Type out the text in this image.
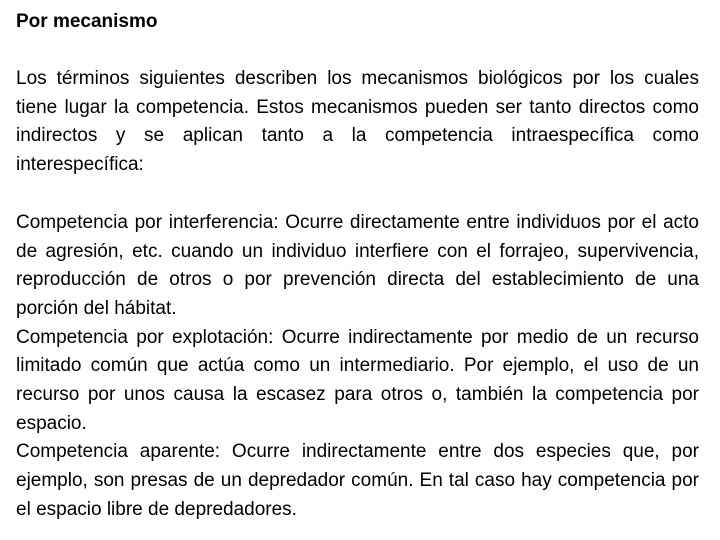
Por mecanismo

Los términos siguientes describen los mecanismos biológicos por los cuales tiene lugar la competencia. Estos mecanismos pueden ser tanto directos como indirectos y se aplican tanto a la competencia intraespecífica como interespecífica:

Competencia por interferencia: Ocurre directamente entre individuos por el acto de agresión, etc. cuando un individuo interfiere con el forrajeo, supervivencia, reproducción de otros o por prevención directa del establecimiento de una porción del hábitat.

Competencia por explotación: Ocurre indirectamente por medio de un recurso limitado común que actúa como un intermediario. Por ejemplo, el uso de un recurso por unos causa la escasez para otros o, también la competencia por espacio.

Competencia aparente: Ocurre indirectamente entre dos especies que, por ejemplo, son presas de un depredador común. En tal caso hay competencia por el espacio libre de depredadores.
